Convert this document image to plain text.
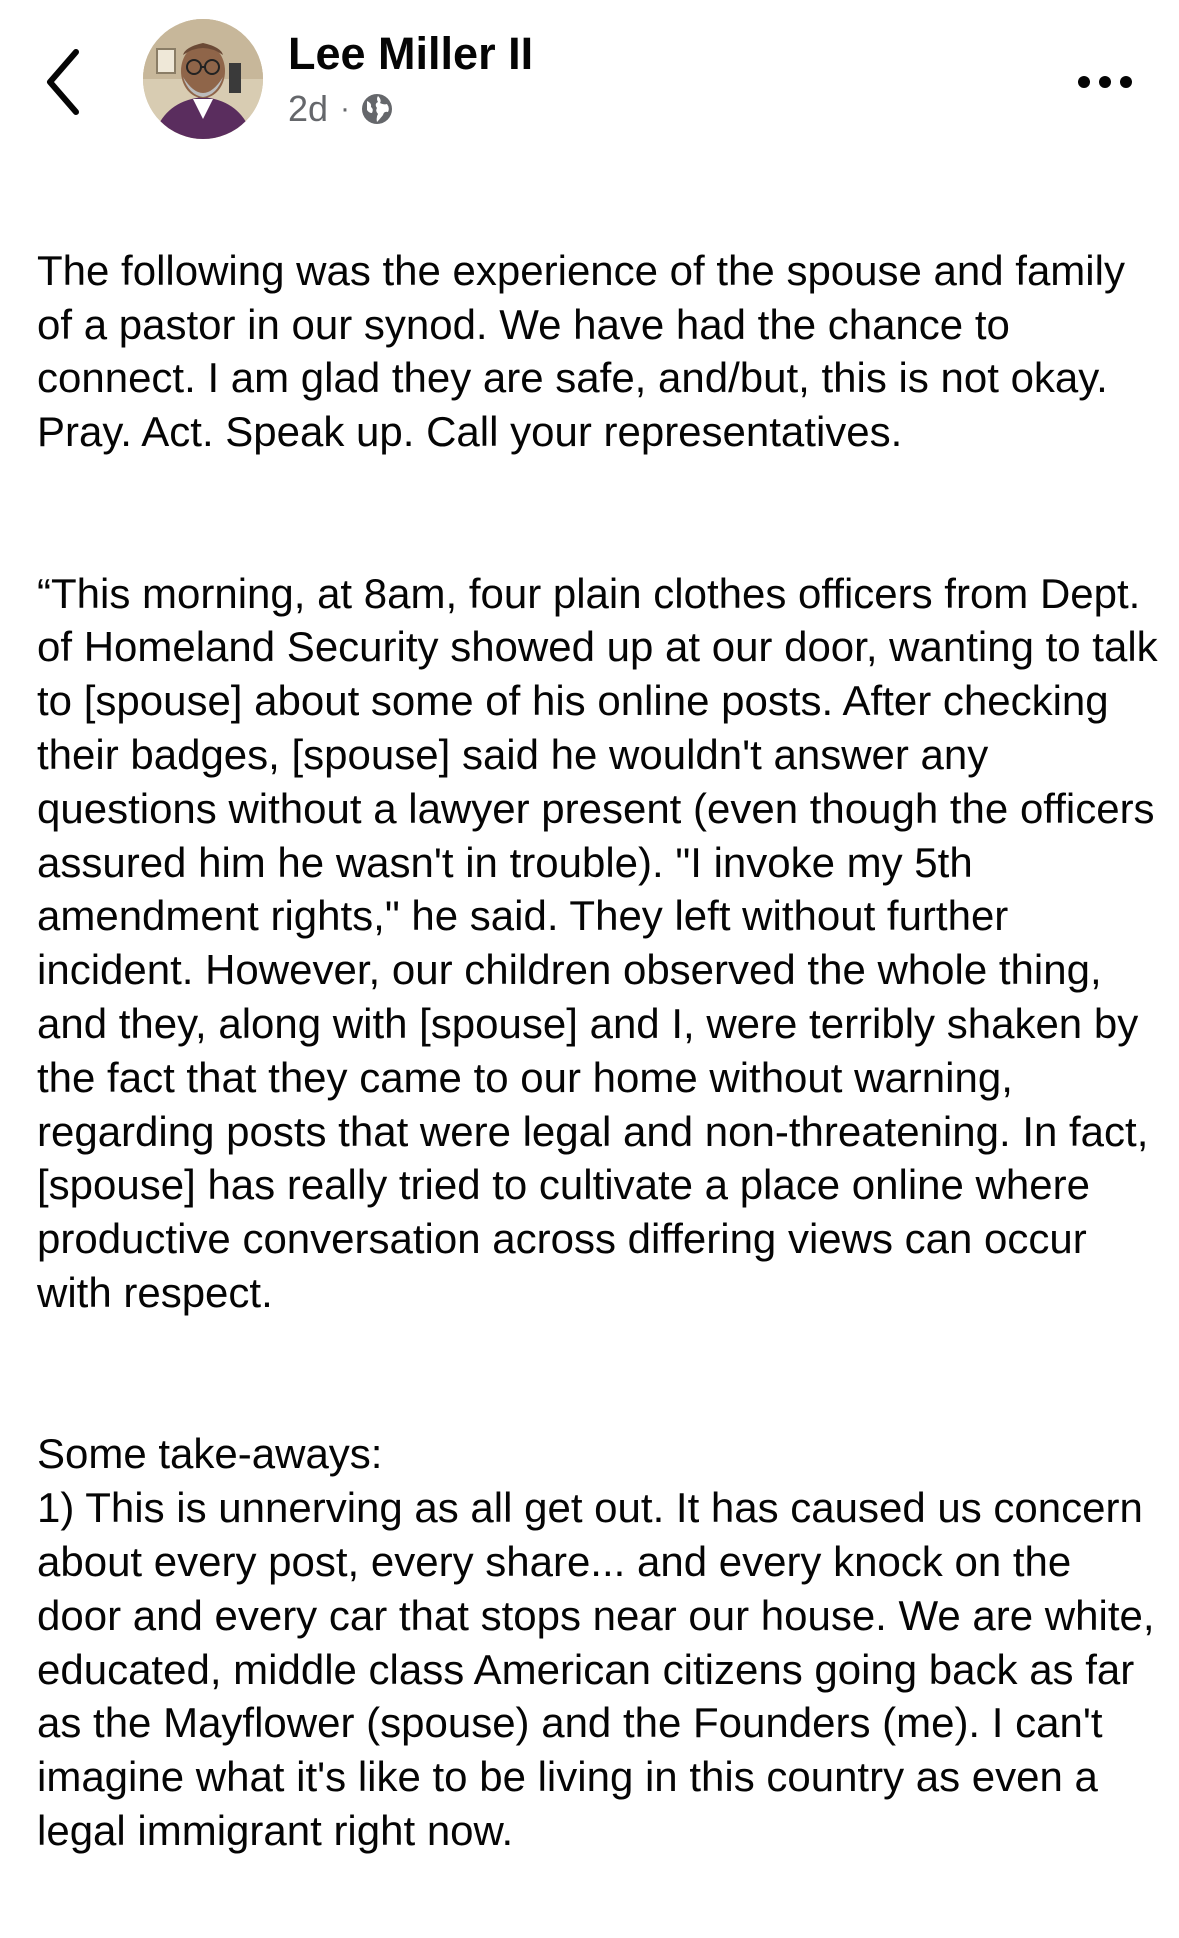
Lee Miller II
2d ·

The following was the experience of the spouse and family of a pastor in our synod. We have had the chance to connect. I am glad they are safe, and/but, this is not okay. Pray. Act. Speak up. Call your representatives.

“This morning, at 8am, four plain clothes officers from Dept. of Homeland Security showed up at our door, wanting to talk to [spouse] about some of his online posts. After checking their badges, [spouse] said he wouldn't answer any questions without a lawyer present (even though the officers assured him he wasn't in trouble). "I invoke my 5th amendment rights," he said. They left without further incident. However, our children observed the whole thing, and they, along with [spouse] and I, were terribly shaken by the fact that they came to our home without warning, regarding posts that were legal and non-threatening. In fact, [spouse] has really tried to cultivate a place online where productive conversation across differing views can occur with respect.

Some take-aways:
1) This is unnerving as all get out. It has caused us concern about every post, every share... and every knock on the door and every car that stops near our house. We are white, educated, middle class American citizens going back as far as the Mayflower (spouse) and the Founders (me). I can't imagine what it's like to be living in this country as even a legal immigrant right now.
